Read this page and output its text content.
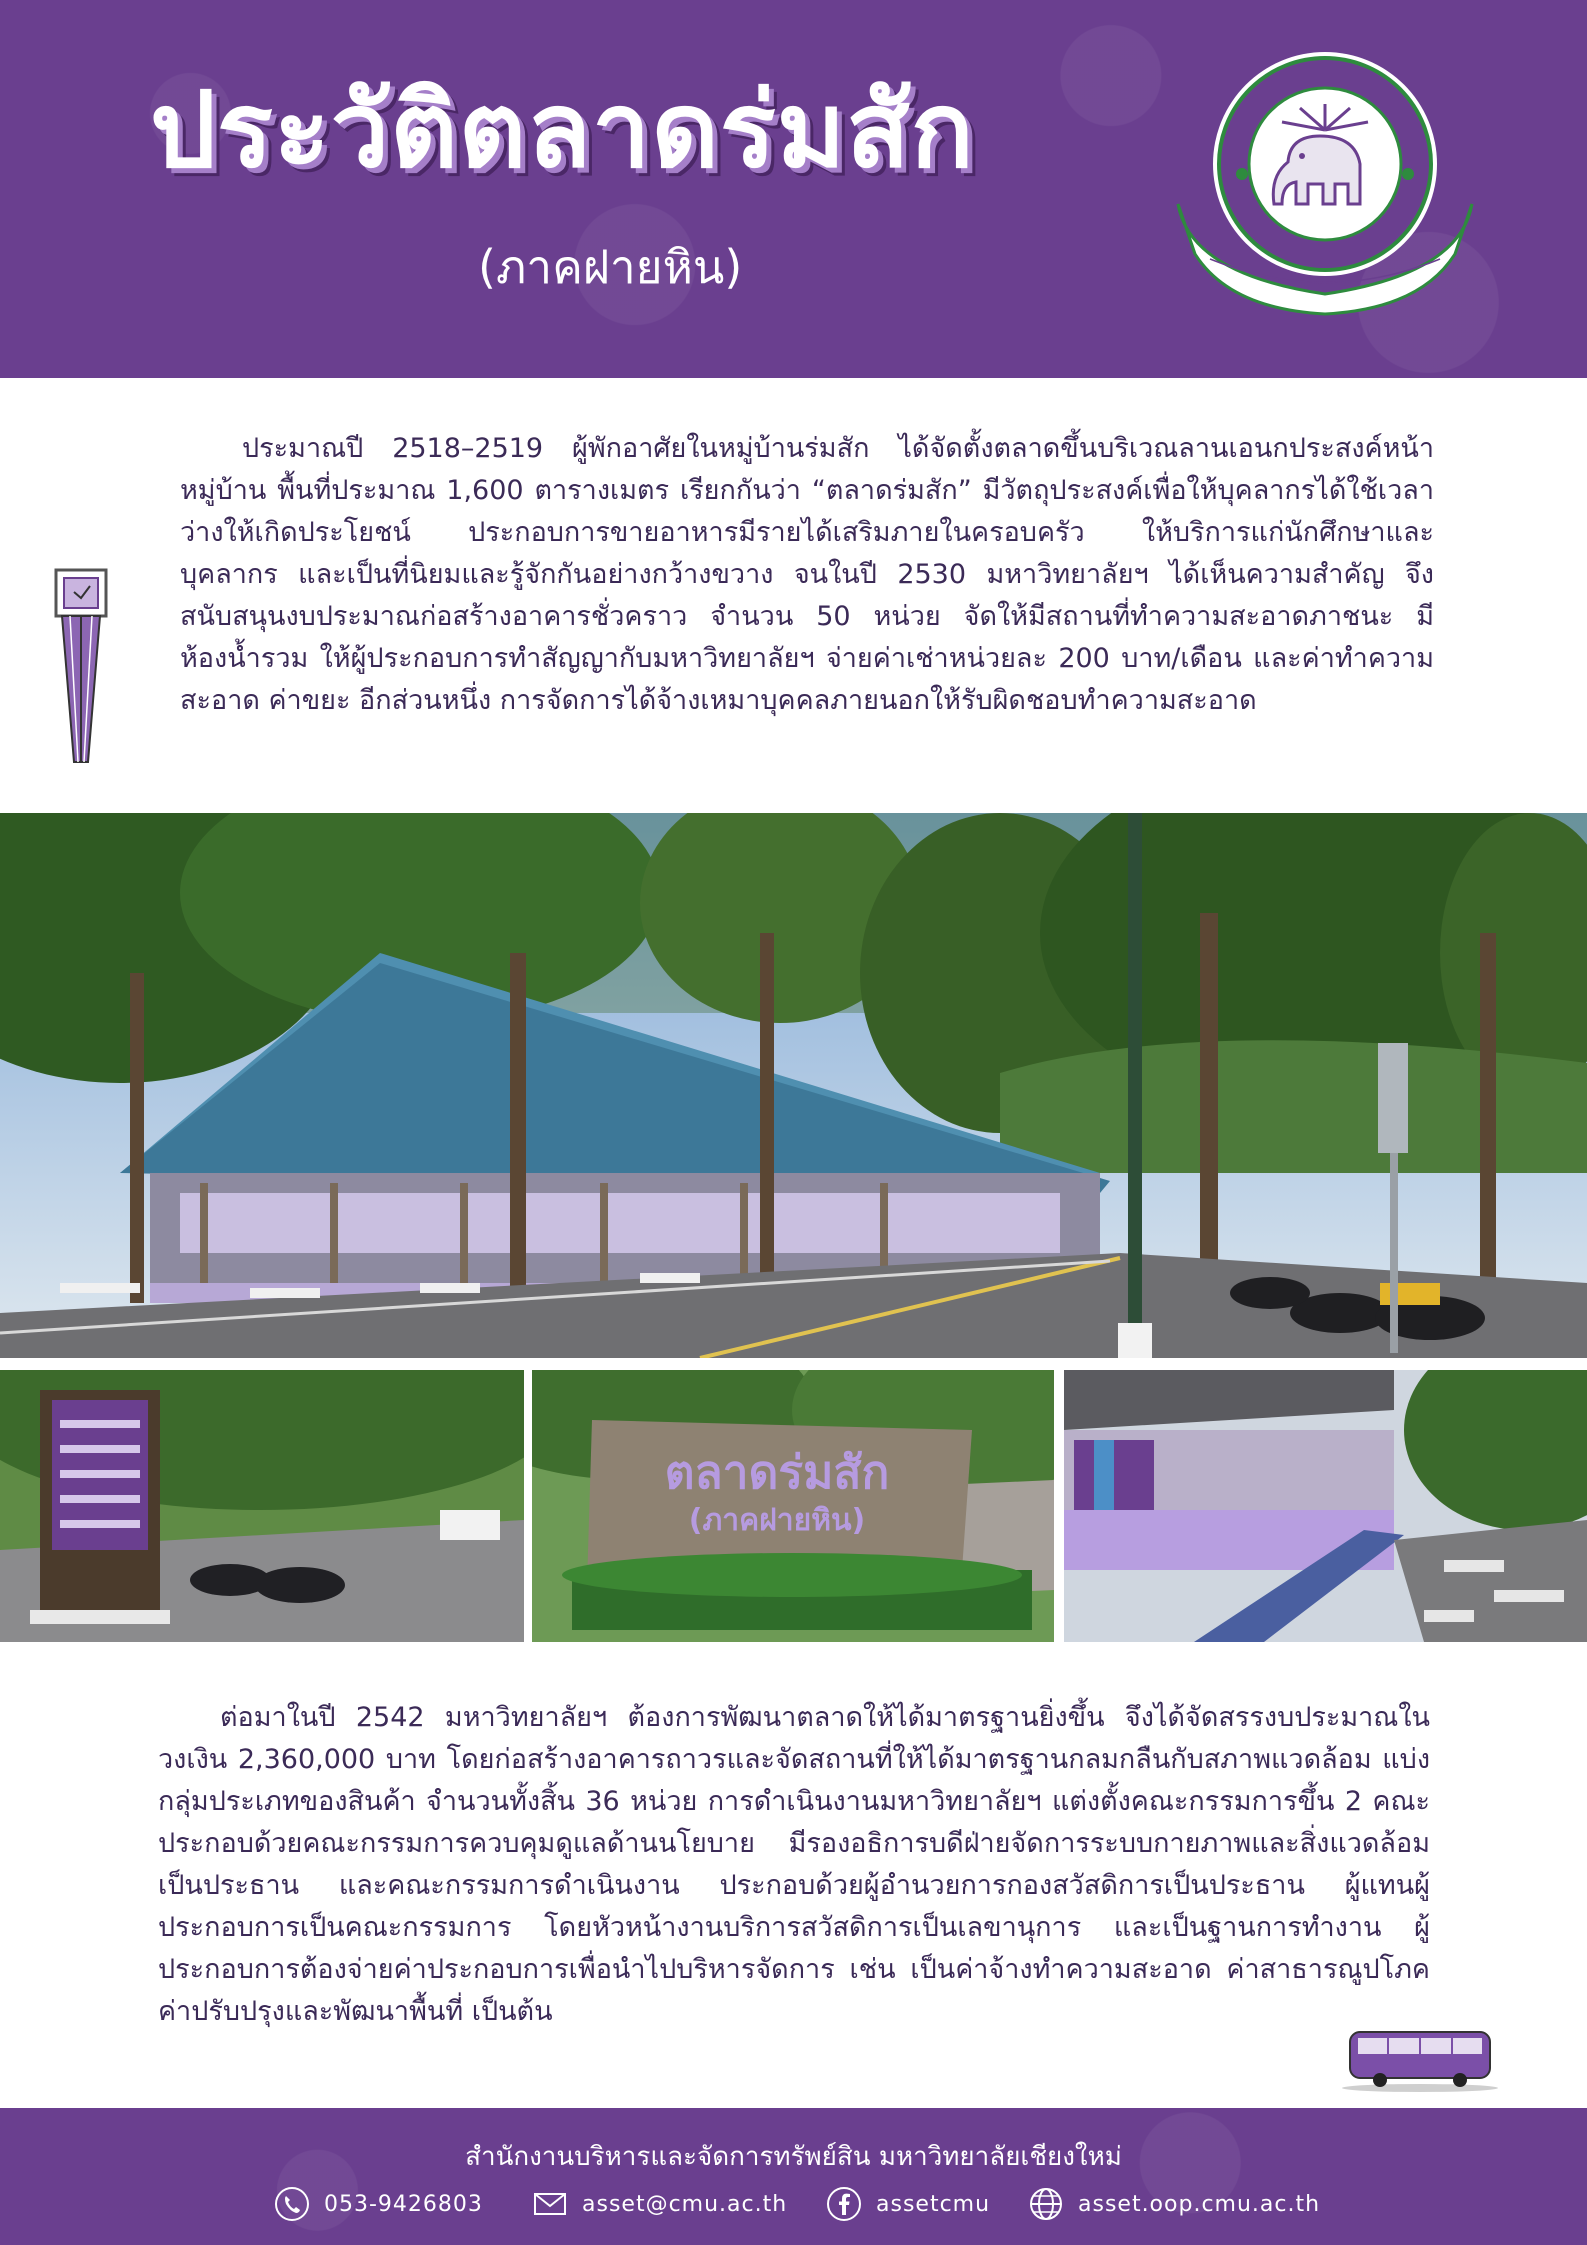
ประวัติตลาดร่มสัก
(ภาคฝายหิน)

ประมาณปี 2518–2519 ผู้พักอาศัยในหมู่บ้านร่มสัก ได้จัดตั้งตลาดขึ้นบริเวณลานเอนกประสงค์หน้าหมู่บ้าน พื้นที่ประมาณ 1,600 ตารางเมตร เรียกกันว่า “ตลาดร่มสัก” มีวัตถุประสงค์เพื่อให้บุคลากรได้ใช้เวลาว่างให้เกิดประโยชน์ ประกอบการขายอาหารมีรายได้เสริมภายในครอบครัว ให้บริการแก่นักศึกษาและบุคลากร และเป็นที่นิยมและรู้จักกันอย่างกว้างขวาง จนในปี 2530 มหาวิทยาลัยฯ ได้เห็นความสำคัญ จึงสนับสนุนงบประมาณก่อสร้างอาคารชั่วคราว จำนวน 50 หน่วย จัดให้มีสถานที่ทำความสะอาดภาชนะ มีห้องน้ำรวม ให้ผู้ประกอบการทำสัญญากับมหาวิทยาลัยฯ จ่ายค่าเช่าหน่วยละ 200 บาท/เดือน และค่าทำความสะอาด ค่าขยะ อีกส่วนหนึ่ง การจัดการได้จ้างเหมาบุคคลภายนอกให้รับผิดชอบทำความสะอาด

ตลาดร่มสัก
(ภาคฝายหิน)

ต่อมาในปี 2542 มหาวิทยาลัยฯ ต้องการพัฒนาตลาดให้ได้มาตรฐานยิ่งขึ้น จึงได้จัดสรรงบประมาณในวงเงิน 2,360,000 บาท โดยก่อสร้างอาคารถาวรและจัดสถานที่ให้ได้มาตรฐานกลมกลืนกับสภาพแวดล้อม แบ่งกลุ่มประเภทของสินค้า จำนวนทั้งสิ้น 36 หน่วย การดำเนินงานมหาวิทยาลัยฯ แต่งตั้งคณะกรรมการขึ้น 2 คณะ ประกอบด้วยคณะกรรมการควบคุมดูแลด้านนโยบาย มีรองอธิการบดีฝ่ายจัดการระบบกายภาพและสิ่งแวดล้อมเป็นประธาน และคณะกรรมการดำเนินงาน ประกอบด้วยผู้อำนวยการกองสวัสดิการเป็นประธาน ผู้แทนผู้ประกอบการเป็นคณะกรรมการ โดยหัวหน้างานบริการสวัสดิการเป็นเลขานุการ และเป็นฐานการทำงาน ผู้ประกอบการต้องจ่ายค่าประกอบการเพื่อนำไปบริหารจัดการ เช่น เป็นค่าจ้างทำความสะอาด ค่าสาธารณูปโภค ค่าปรับปรุงและพัฒนาพื้นที่ เป็นต้น

สำนักงานบริหารและจัดการทรัพย์สิน มหาวิทยาลัยเชียงใหม่
053-9426803	asset@cmu.ac.th	assetcmu	asset.oop.cmu.ac.th
